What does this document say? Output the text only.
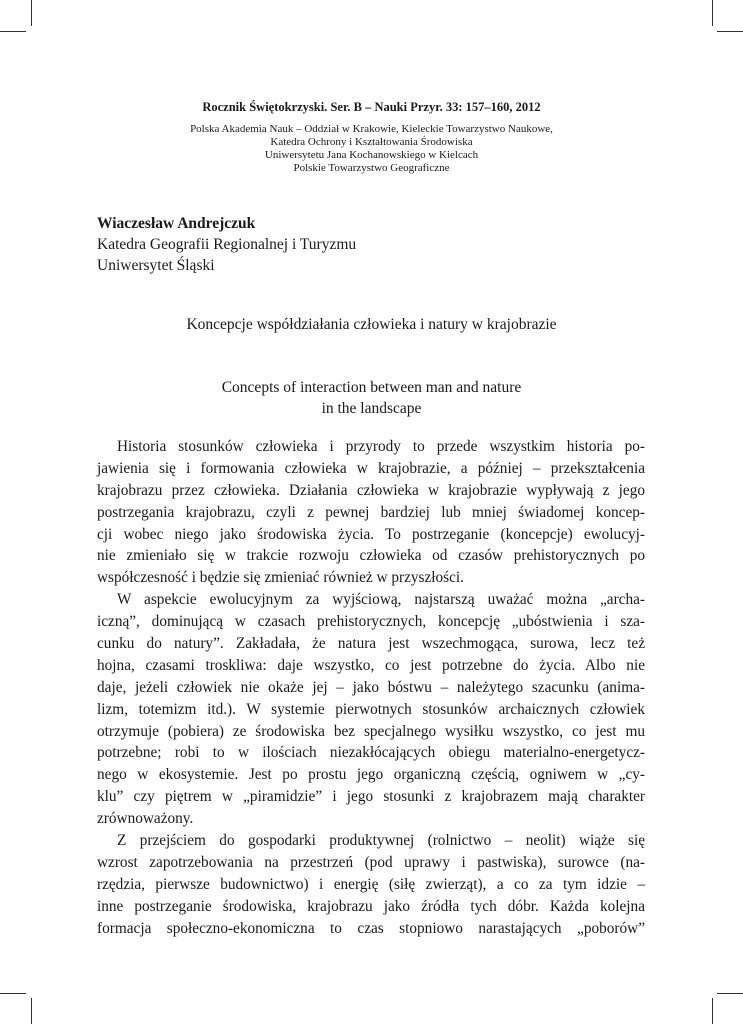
Rocznik Świętokrzyski. Ser. B – Nauki Przyr. 33: 157–160, 2012

Polska Akademia Nauk – Oddział w Krakowie, Kieleckie Towarzystwo Naukowe,

Katedra Ochrony i Kształtowania Środowiska

Uniwersytetu Jana Kochanowskiego w Kielcach

Polskie Towarzystwo Geograficzne

Wiaczesław Andrejczuk
Katedra Geografii Regionalnej i Turyzmu
Uniwersytet Śląski
Koncepcje współdziałania człowieka i natury w krajobrazie
Concepts of interaction between man and nature
in the landscape
Historia stosunków człowieka i przyrody to przede wszystkim historia po-
jawienia się i formowania człowieka w krajobrazie, a później – przekształcenia
krajobrazu przez człowieka. Działania człowieka w krajobrazie wypływają z jego
postrzegania krajobrazu, czyli z pewnej bardziej lub mniej świadomej koncep-
cji wobec niego jako środowiska życia. To postrzeganie (koncepcje) ewolucyj-
nie zmieniało się w trakcie rozwoju człowieka od czasów prehistorycznych po
współczesność i będzie się zmieniać również w przyszłości.
W aspekcie ewolucyjnym za wyjściową, najstarszą uważać można „archa-
iczną”, dominującą w czasach prehistorycznych, koncepcję „ubóstwienia i sza-
cunku do natury”. Zakładała, że natura jest wszechmogąca, surowa, lecz też
hojna, czasami troskliwa: daje wszystko, co jest potrzebne do życia. Albo nie
daje, jeżeli człowiek nie okaże jej – jako bóstwu – należytego szacunku (anima-
lizm, totemizm itd.). W systemie pierwotnych stosunków archaicznych człowiek
otrzymuje (pobiera) ze środowiska bez specjalnego wysiłku wszystko, co jest mu
potrzebne; robi to w ilościach niezakłócających obiegu materialno-energetycz-
nego w ekosystemie. Jest po prostu jego organiczną częścią, ogniwem w „cy-
klu” czy piętrem w „piramidzie” i jego stosunki z krajobrazem mają charakter
zrównoważony.
Z przejściem do gospodarki produktywnej (rolnictwo – neolit) wiąże się
wzrost zapotrzebowania na przestrzeń (pod uprawy i pastwiska), surowce (na-
rzędzia, pierwsze budownictwo) i energię (siłę zwierząt), a co za tym idzie –
inne postrzeganie środowiska, krajobrazu jako źródła tych dóbr. Każda kolejna
formacja społeczno-ekonomiczna to czas stopniowo narastających „poborów”
